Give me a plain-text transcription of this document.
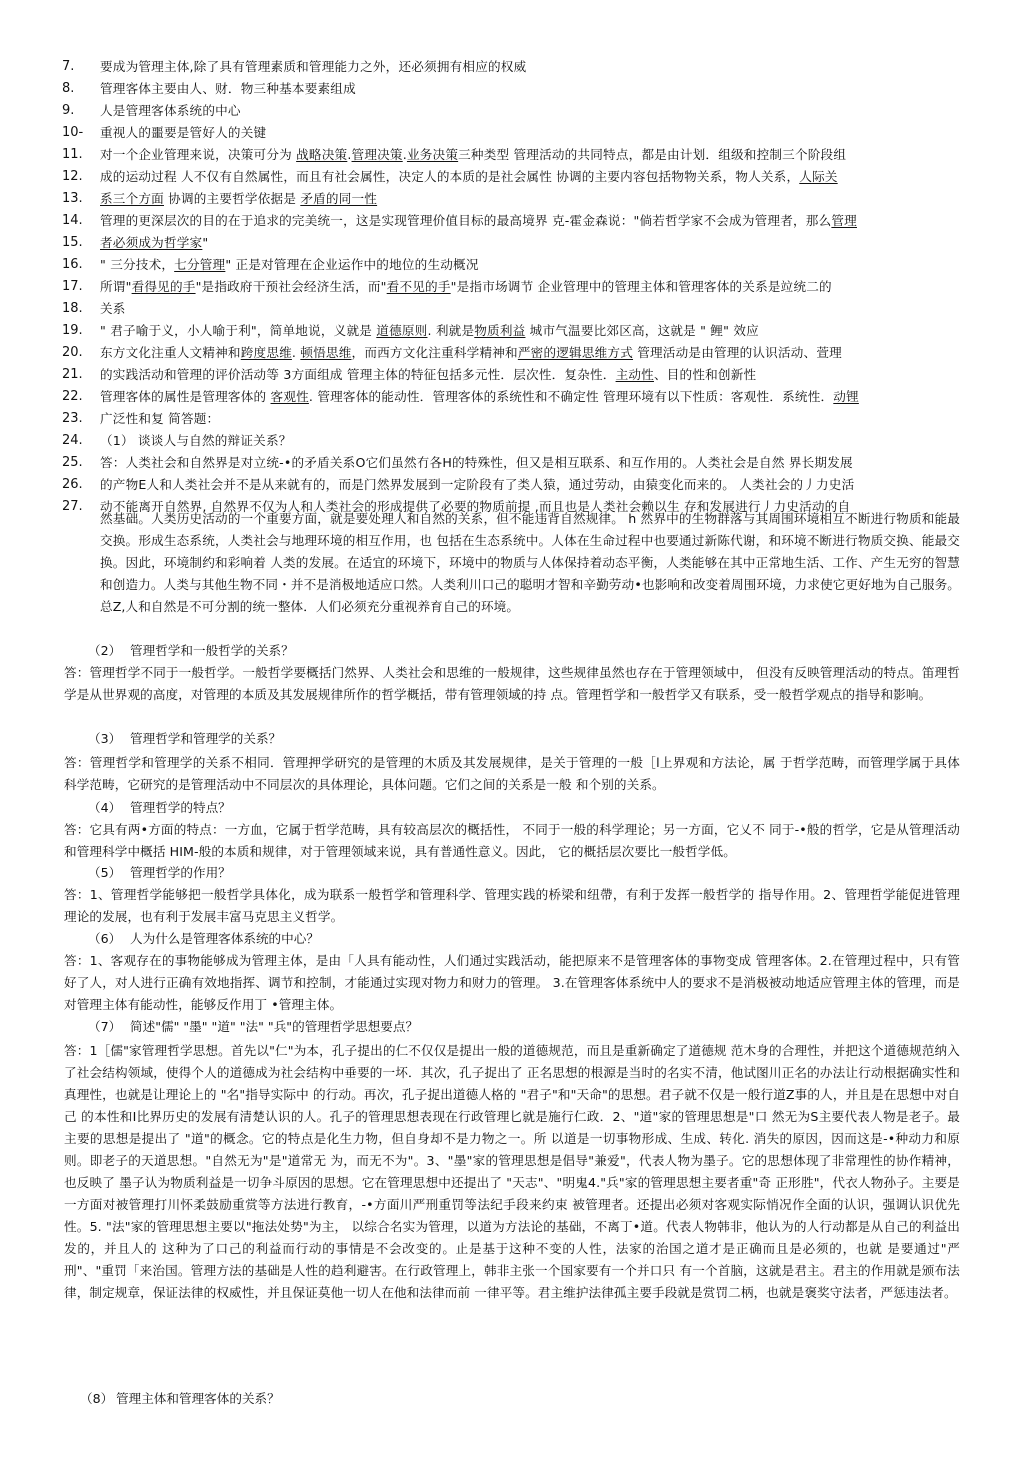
7.	要成为管理主体,除了具有管理素质和管理能力之外，还必须拥有相应的权威
8.	管理客体主要由人、财．物三种基本要素组成
9.	人是管理客体系统的中心
10-	重视人的噩要是管好人的关键
11.	对一个企业管理来说，决策可分为 战略决策.管理决策.业务决策三种类型 管理活动的共同特点，都是由计划．组级和控制三个阶段组
12.	成的运动过程 人不仅有自然属性，而且有社会属性，决定人的本质的是社会属性 协调的主要内容包括物物关系，物人关系，人际关
13.	系三个方面 协调的主要哲学依据是 矛盾的同一性
14.	管理的更深层次的目的在于追求的完美统一，这是实现管理价值目标的最高境界 克-霍金森说："倘若哲学家不会成为管理者，那么管理
15.	者必须成为哲学家"
16.	" 三分技术，七分管理" 正是对管理在企业运作中的地位的生动概况
17.	所谓"看得见的手"是指政府干预社会经济生活，而"看不见的手"是指市场调节 企业管理中的管理主体和管理客体的关系是竝统二的
18.	关系
19.	" 君子喻于义，小人喻于利"，简单地说，义就是 道德原则. 利就是物质利益 城市气温要比郊区高，这就是 " 鲤" 效应
20.	东方文化注重人文精神和跨度思维. 顿悟思维，而西方文化注重科学精神和严密的逻辑思维方式 管理活动是由管理的认识活动、萱理
21.	的实践活动和管理的评价活动等 3方面组成 管理主体的特征包括多元性．层次性．复杂性．主动性、目的性和创新性
22.	管理客体的属性是管理客体的 客观性. 管理客体的能动性．管理客体的系统性和不确定性 管理环境有以下性质：客观性．系统性．动锂
23.	广泛性和复 简答题：
24.	（1） 谈谈人与自然的辩证关系？
25.	答：人类社会和自然界是对立统-•的矛盾关系O它们虽然冇各H的特殊性，但又是相互联系、和互作用的。人类社会是自然 界长期发展
26.	的产物E人和人类社会并不是从来就有的，而是门然界发展到一定阶段有了类人猿，通过劳动，由猿变化而来的。 人类社会的丿力史活
27.	动不能离开自然界, 自然界不仅为人和人类社会的形成提供了必要的物质前提 ,而且也是人类社会赖以生 存和发展进行丿力史活动的自
然基础。人类历史活动的一个重要方面，就是要处理人和自然的关系，但不能违背自然规律。 h 然界中的生物群落与其周围环境相互不断进行物质和能最交换。形成生态系统，人类社会与地理环境的相互作用，也 包括在生态系统中。人体在生命过程中也要通过新陈代谢，和环境不断进行物质交换、能最交换。因此，环境制约和彩响着 人类的发展。在适宜的环境下，环境中的物质与人体保持着动态平衡，人类能够在其中正常地生活、工作、产生无穷的智慧 和创造力。人类与其他生物不同・并不是消极地适应口然。人类利川口己的聪明才智和辛勤劳动•也影响和改变着周围环境，力求使它更好地为自己服务。总Z,人和自然是不可分割的统一整体．人们必须充分重视养育自己的环境。
（2） 管理哲学和一般哲学的关系？
答：管理哲学不同于一般哲学。一般哲学要概括门然界、人类社会和思维的一般规律，这些规律虽然也存在于管理领域中， 但没有反映管理活动的特点。笛理哲学是从世界观的高度，对管理的本质及其发展规律所作的哲学概括，带有管理领域的持 点。管理哲学和一般哲学又有联系，受一般哲学观点的指导和影响。
（3） 管理哲学和管理学的关系？
答：管理哲学和管理学的关系不相同．管理押学研究的是管理的木质及其发展规律，是关于管理的一般［l上界观和方法论，属 于哲学范畴，而管理学属于具体科学范畴，它研究的是管理活动中不同层次的具体理论，具体问题。它们之间的关系是一般 和个别的关系。
（4） 管理哲学的特点？
答：它具有两•方面的特点：一方血，它属于哲学范畴，具有较高层次的概括性， 不同于一般的科学理论；另一方面，它乂不 同于-•般的哲学，它是从管理活动和管理科学中概括 HIM-般的本质和规律，对于管理领域来说，具有普通性意义。因此， 它的概括层次要比一般哲学低。
（5） 管理哲学的作用？
答：1、管理哲学能够把一般哲学具体化，成为联系一般哲学和管理科学、管理实践的桥梁和纽帶，有利于发挥一般哲学的 指导作用。2、管理哲学能促进管理理论的发展，也有利于发展丰富马克思主义哲学。
（6） 人为什么是管理客体系统的中心？
答：1、客观存在的事物能够成为管理主体，是由「人具有能动性，人们通过实践活动，能把原来不是管理客体的事物变成 管理客体。2.在管理过程中，只有管好了人，对人进行正确有效地指挥、调节和控制，才能通过实现对物力和财力的管理。 3.在管理客体系统中人的要求不是消极被动地适应管理主体的管理，而是对管理主体有能动性，能够反作用丁 •管理主体。
（7） 简述"儒" "墨" "道" "法" "兵"的管理哲学思想要点？
答：1［儒"家管理哲学思想。首先以"仁"为本，孔子提出的仁不仅仅是提出一般的道德规范，而且是重新确定了道德规 范木身的合理性，并把这个道德规范纳入了社会结构领域，使得个人的道德成为社会结构中垂要的一坏．其次，孔子捉出了 正名思想的根源是当时的名实不清，他试图川正名的办法让行动根据确实性和真理性，也就是让理论上的 "名"指导实际中 的行动。再次，孔子捉出道德人格的 "君子"和"天命"的思想。君子就不仅是一般行道Z事的人，并且是在思想中对自己 的本性和I比界历史的发展有清楚认识的人。孔子的管理思想表现在行政管理匕就是施行仁政．2、"道"家的管理思想是"口 然无为S主要代表人物是老子。最主要的思想是提出了 "道"的概念。它的特点是化生力物，但自身却不是力物之一。所 以道是一切事物形成、生成、转化. 消失的原因，因而这是-•种动力和原则。即老子的天道思想。"自然无为"是"道常无 为，而无不为"。3、"墨"家的管理思想是倡导"兼爱"，代表人物为墨子。它的思想体现了非常理性的协作精神，也反映了 墨子认为物质利益是一切争斗原因的思想。它在管理思想中还提出了 "天志"、"明鬼4."兵"家的管理思想主要者重"奇 正形胜"，代衣人物孙子。主要是一方面对被管理打川怀柔鼓励重赏等方法进行教育，-•方面川严刑重罚等法纪手段来约束 被管理者。还提出必须对客观实际悄况作全面的认识，强调认识优先性。5. "法"家的管理思想主要以"拖法处势"为主， 以综合名实为管理，以道为方法论的基础，不离丁•道。代表人物韩非，他认为的人行动都是从自己的利益出发的，并且人的 这种为了口己的利益而行动的事情是不会改变的。止是基于这种不变的人性，法家的治国之道才是正确而且是必须的，也就 是要通过"严刑"、"重罚「来治国。管理方法的基础是人性的趋利避害。在行政管理上，韩非主张一个国家要有一个并口只 有一个首脑，这就是君主。君主的作用就是颁布法律，制定规章，保证法律的权威性，并且保证莫他一切人在他和法律而前 一律平等。君主维护法律孤主要手段就是赏罚二柄，也就是褒奖守法者，严惩违法者。
（8） 管理主体和管理客体的关系？
